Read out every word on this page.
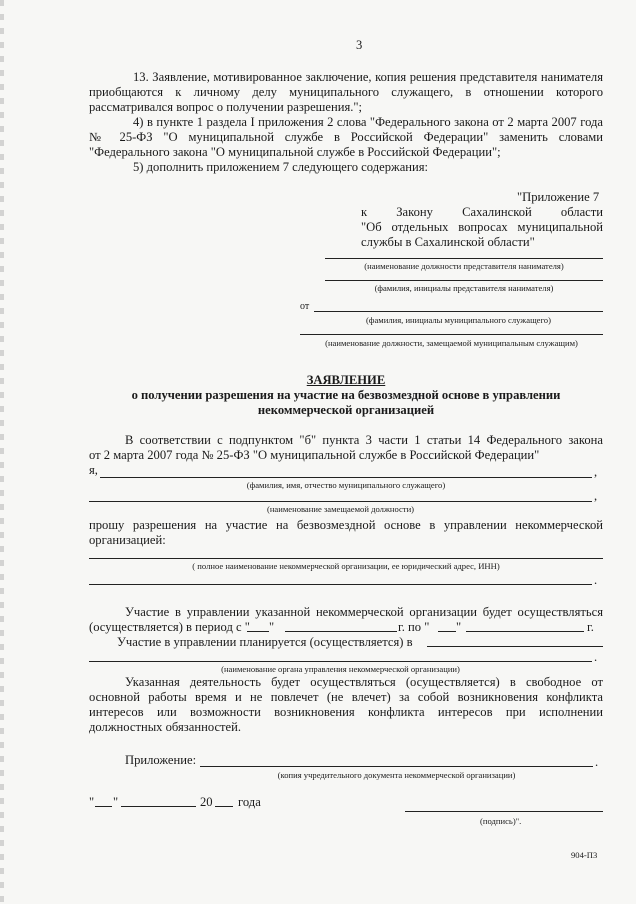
3
13. Заявление, мотивированное заключение, копия решения представителя нанимателя
приобщаются к личному делу муниципального служащего, в отношении которого
рассматривался вопрос о получении разрешения.";
4) в пункте 1 раздела I приложения 2 слова "Федерального закона от 2 марта 2007 года
№ 25-ФЗ "О муниципальной службе в Российской Федерации" заменить словами
"Федерального закона "О муниципальной службе в Российской Федерации";
5) дополнить приложением 7 следующего содержания:
"Приложение 7
к Закону Сахалинской области
"Об отдельных вопросах муниципальной
службы в Сахалинской области"
(наименование должности представителя нанимателя)
(фамилия, инициалы представителя нанимателя)
от
(фамилия, инициалы муниципального служащего)
(наименование должности, замещаемой муниципальным служащим)
ЗАЯВЛЕНИЕ
о получении разрешения на участие на безвозмездной основе в управлении
некоммерческой организацией
В соответствии с подпунктом "б" пункта 3 части 1 статьи 14 Федерального закона
от 2 марта 2007 года № 25-ФЗ "О муниципальной службе в Российской Федерации"
я,	,
(фамилия, имя, отчество муниципального служащего)
,
(наименование замещаемой должности)
прошу разрешения на участие на безвозмездной основе в управлении некоммерческой
организацией:
( полное наименование некоммерческой организации, ее юридический адрес, ИНН)
.
Участие в управлении указанной некоммерческой организации будет осуществляться
(осуществляется) в период с " "	г. по " "	г.
Участие в управлении планируется (осуществляется) в
.
(наименование органа управления некоммерческой организации)
Указанная деятельность будет осуществляться (осуществляется) в свободное от
основной работы время и не повлечет (не влечет) за собой возникновения конфликта
интересов или возможности возникновения конфликта интересов при исполнении
должностных обязанностей.
Приложение:	.
(копия учредительного документа некоммерческой организации)
" "	20 года
(подпись)".
904-П3
